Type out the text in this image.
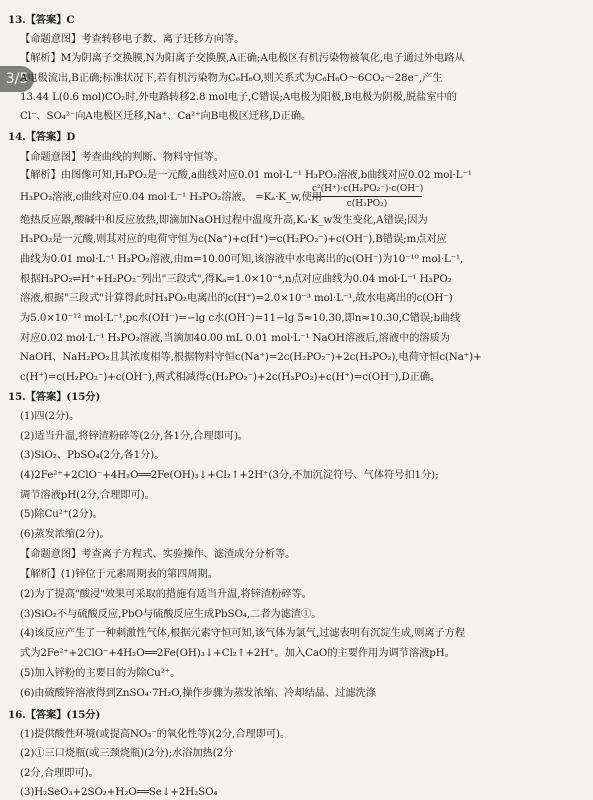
3/5
13.【答案】C
【命题意图】考查转移电子数、离子迁移方向等。
【解析】M为阴离子交换膜,N为阳离子交换膜,A正确;A电极区有机污染物被氧化,电子通过外电路从
A电极流出,B正确;标准状况下,若有机污染物为C₆H₆O,则关系式为C₆H₆O～6CO₂～28e⁻,产生
13.44 L(0.6 mol)CO₂时,外电路转移2.8 mol电子,C错误;A电极为阳极,B电极为阴极,脱盐室中的
Cl⁻、SO₄²⁻向A电极区迁移,Na⁺、Ca²⁺向B电极区迁移,D正确。
14.【答案】D
【命题意图】考查曲线的判断、物料守恒等。
【解析】由图像可知,H₃PO₂是一元酸,a曲线对应0.01 mol·L⁻¹ H₃PO₂溶液,b曲线对应0.02 mol·L⁻¹
H₃PO₂溶液,c曲线对应0.04 mol·L⁻¹ H₃PO₂溶液。 =Kₐ·K_w,使用
绝热反应器,酸碱中和反应放热,即滴加NaOH过程中温度升高,Kₐ·K_w发生变化,A错误;因为
H₃PO₂是一元酸,则其对应的电荷守恒为c(Na⁺)+c(H⁺)=c(H₂PO₂⁻)+c(OH⁻),B错误;m点对应
曲线为0.01 mol·L⁻¹ H₃PO₂溶液,由m=10.00可知,该溶液中水电离出的c(OH⁻)为10⁻¹⁰ mol·L⁻¹,
根据H₃PO₂⇌H⁺+H₂PO₂⁻列出"三段式",得Kₐ=1.0×10⁻⁴,n点对应曲线为0.04 mol·L⁻¹ H₃PO₂
溶液,根据"三段式"计算得此时H₃PO₂电离出的c(H⁺)=2.0×10⁻³ mol·L⁻¹,故水电离出的c(OH⁻)
为5.0×10⁻¹² mol·L⁻¹,pc水(OH⁻)=−lg c水(OH⁻)=11−lg 5≈10.30,即n≈10.30,C错误;b曲线
对应0.02 mol·L⁻¹ H₃PO₂溶液,当滴加40.00 mL 0.01 mol·L⁻¹ NaOH溶液后,溶液中的溶质为
NaOH、NaH₂PO₂且其浓度相等,根据物料守恒c(Na⁺)=2c(H₂PO₂⁻)+2c(H₃PO₂),电荷守恒c(Na⁺)+
c(H⁺)=c(H₂PO₂⁻)+c(OH⁻),两式相减得c(H₂PO₂⁻)+2c(H₃PO₂)+c(H⁺)=c(OH⁻),D正确。
15.【答案】(15分)
(1)四(2分)。
(2)适当升温,将锌渣粉碎等(2分,各1分,合理即可)。
(3)SiO₂、PbSO₄(2分,各1分)。
(4)2Fe²⁺+2ClO⁻+4H₂O══2Fe(OH)₃↓+Cl₂↑+2H⁺(3分,不加沉淀符号、气体符号扣1分);
调节溶液pH(2分,合理即可)。
(5)除Cu²⁺(2分)。
(6)蒸发浓缩(2分)。
【命题意图】考查离子方程式、实验操作、滤渣成分分析等。
【解析】(1)锌位于元素周期表的第四周期。
(2)为了提高"酸浸"效果可采取的措施有适当升温,将锌渣粉碎等。
(3)SiO₂不与硫酸反应,PbO与硫酸反应生成PbSO₄,二者为滤渣①。
(4)该反应产生了一种刺激性气体,根据元素守恒可知,该气体为氯气,过滤表明有沉淀生成,则离子方程
式为2Fe²⁺+2ClO⁻+4H₂O══2Fe(OH)₃↓+Cl₂↑+2H⁺。加入CaO的主要作用为调节溶液pH。
(5)加入锌粉的主要目的为除Cu²⁺。
(6)由硫酸锌溶液得到ZnSO₄·7H₂O,操作步骤为蒸发浓缩、冷却结晶、过滤洗涤
16.【答案】(15分)
(1)提供酸性环境(或提高NO₃⁻的氧化性等)(2分,合理即可)。
(2)①三口烧瓶(或三颈烧瓶)(2分);水浴加热(2分
(2分,合理即可)。
(3)H₂SeO₃+2SO₂+H₂O══Se↓+2H₂SO₄
$\frac{\text{c²(H⁺)·c(H₂PO₂⁻)·c(OH⁻)}}{\text{c(H₃PO₂)}}$
